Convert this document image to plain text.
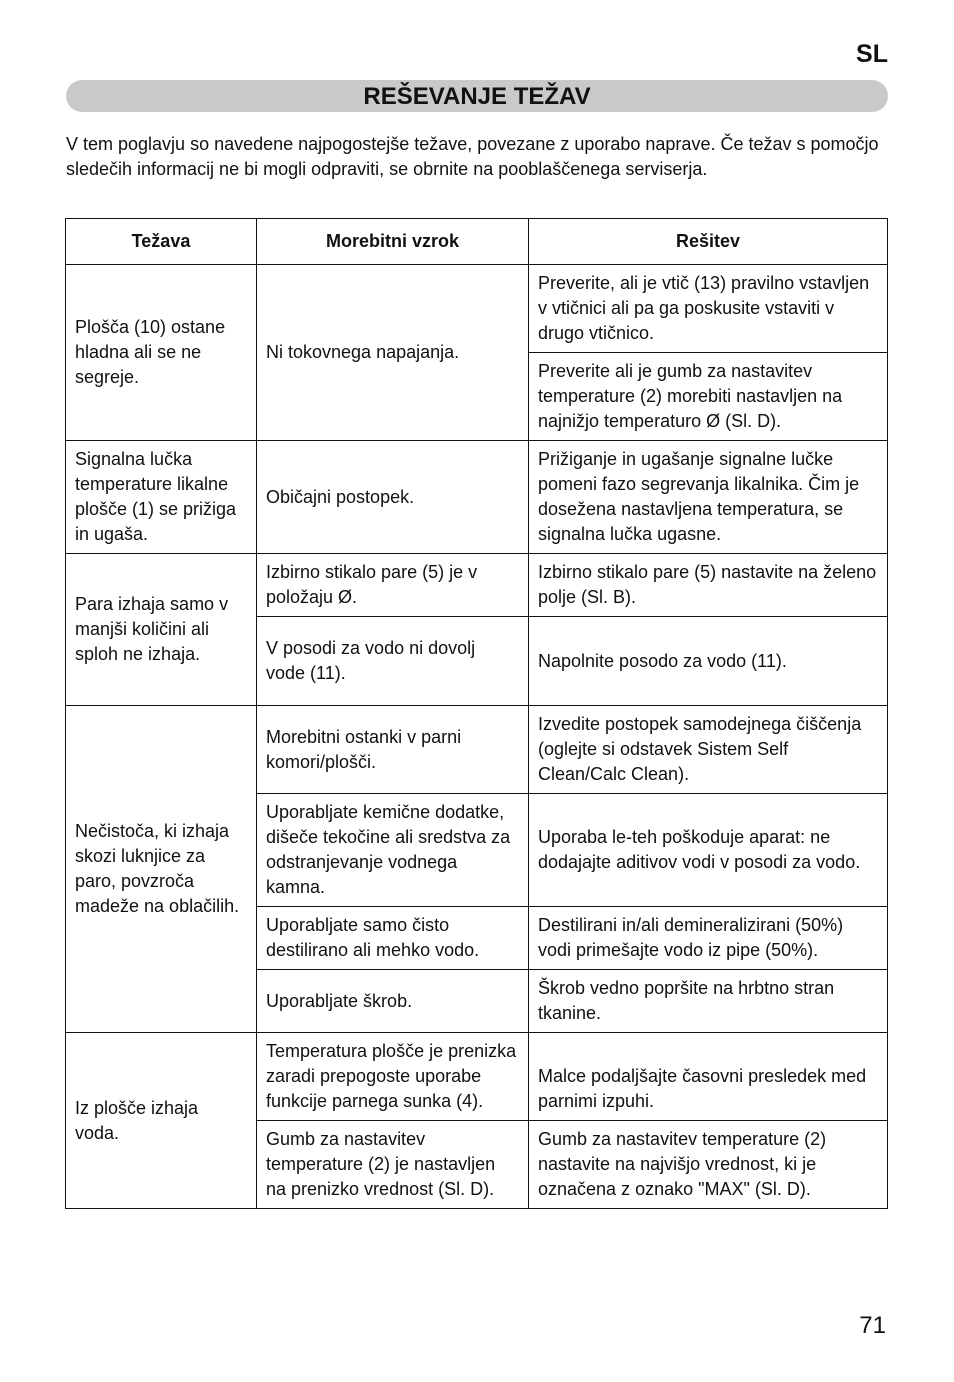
SL
REŠEVANJE TEŽAV
V tem poglavju so navedene najpogostejše težave, povezane z uporabo naprave. Če težav s pomočjo sledečih informacij ne bi mogli odpraviti, se obrnite na pooblaščenega serviserja.
Težava	Morebitni vzrok	Rešitev
Plošča (10) ostane hladna ali se ne segreje.	Ni tokovnega napajanja.	Preverite, ali je vtič (13) pravilno vstavljen v vtičnici ali pa ga poskusite vstaviti v drugo vtičnico.
		Preverite ali je gumb za nastavitev temperature (2) morebiti nastavljen na najnižjo temperaturo Ø (Sl. D).
Signalna lučka temperature likalne plošče (1) se prižiga in ugaša.	Običajni postopek.	Prižiganje in ugašanje signalne lučke pomeni fazo segrevanja likalnika. Čim je dosežena nastavljena temperatura, se signalna lučka ugasne.
Para izhaja samo v manjši količini ali sploh ne izhaja.	Izbirno stikalo pare (5) je v položaju Ø.	Izbirno stikalo pare (5) nastavite na želeno polje (Sl. B).
	V posodi za vodo ni dovolj vode (11).	Napolnite posodo za vodo (11).
Nečistoča, ki izhaja skozi luknjice za paro, povzroča madeže na oblačilih.	Morebitni ostanki v parni komori/plošči.	Izvedite postopek samodejnega čiščenja (oglejte si odstavek Sistem Self Clean/Calc Clean).
	Uporabljate kemične dodatke, dišeče tekočine ali sredstva za odstranjevanje vodnega kamna.	Uporaba le-teh poškoduje aparat: ne dodajajte aditivov vodi v posodi za vodo.
	Uporabljate samo čisto destilirano ali mehko vodo.	Destilirani in/ali demineralizirani (50%) vodi primešajte vodo iz pipe (50%).
	Uporabljate škrob.	Škrob vedno popršite na hrbtno stran tkanine.
Iz plošče izhaja voda.	Temperatura plošče je prenizka zaradi prepogoste uporabe funkcije parnega sunka (4).	Malce podaljšajte časovni presledek med parnimi izpuhi.
	Gumb za nastavitev temperature (2) je nastavljen na prenizko vrednost (Sl. D).	Gumb za nastavitev temperature (2) nastavite na najvišjo vrednost, ki je označena z oznako "MAX" (Sl. D).
71
